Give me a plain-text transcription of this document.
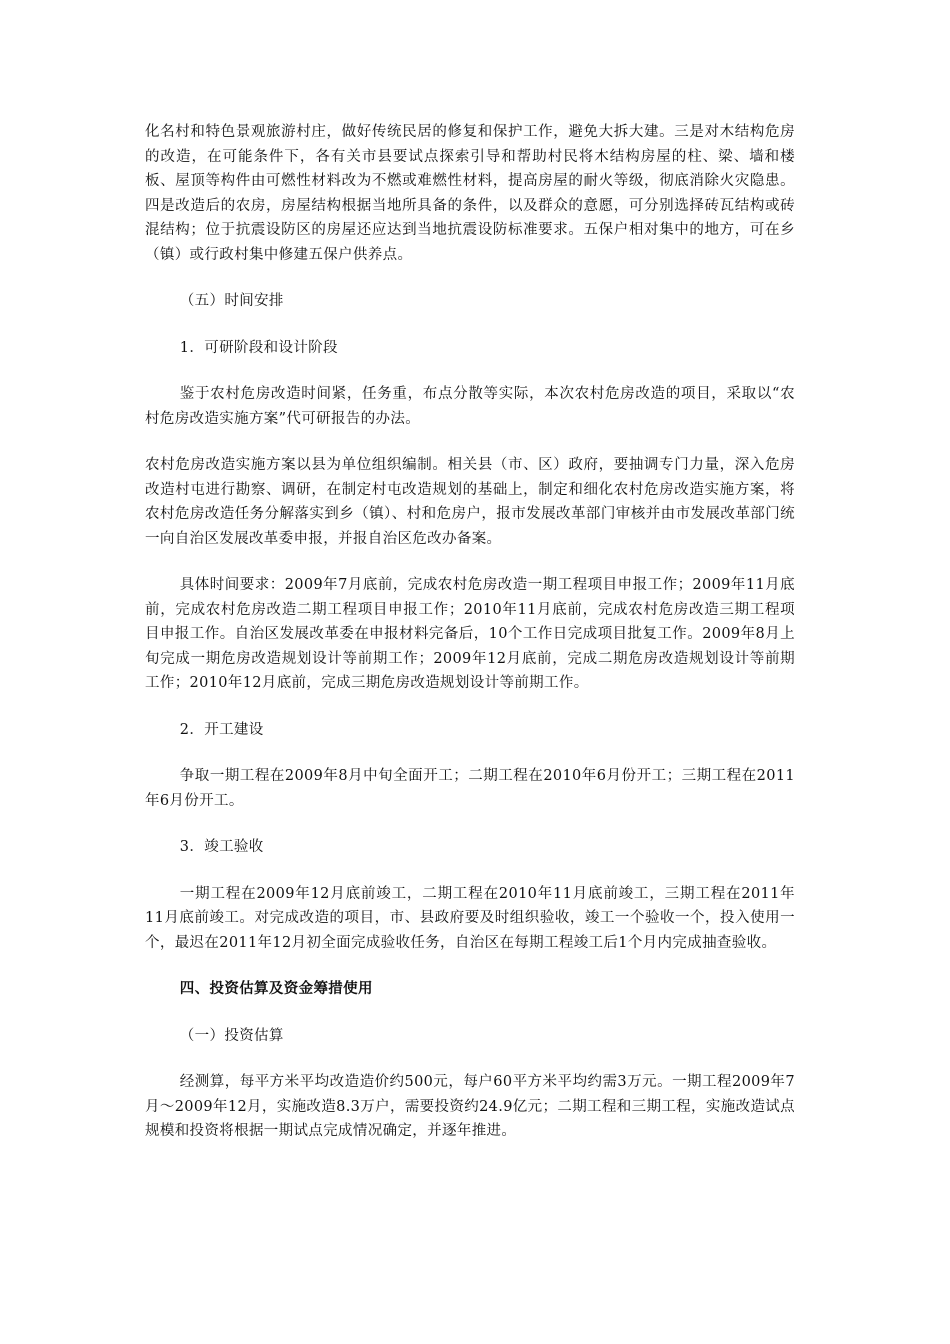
化名村和特色景观旅游村庄，做好传统民居的修复和保护工作，避免大拆大建。三是对木结构危房的改造，在可能条件下，各有关市县要试点探索引导和帮助村民将木结构房屋的柱、梁、墙和楼板、屋顶等构件由可燃性材料改为不燃或难燃性材料，提高房屋的耐火等级，彻底消除火灾隐患。四是改造后的农房，房屋结构根据当地所具备的条件，以及群众的意愿，可分别选择砖瓦结构或砖混结构；位于抗震设防区的房屋还应达到当地抗震设防标准要求。五保户相对集中的地方，可在乡（镇）或行政村集中修建五保户供养点。

（五）时间安排

1．可研阶段和设计阶段

鉴于农村危房改造时间紧，任务重，布点分散等实际，本次农村危房改造的项目，采取以“农村危房改造实施方案”代可研报告的办法。

农村危房改造实施方案以县为单位组织编制。相关县（市、区）政府，要抽调专门力量，深入危房改造村屯进行勘察、调研，在制定村屯改造规划的基础上，制定和细化农村危房改造实施方案，将农村危房改造任务分解落实到乡（镇）、村和危房户，报市发展改革部门审核并由市发展改革部门统一向自治区发展改革委申报，并报自治区危改办备案。

具体时间要求：2009年7月底前，完成农村危房改造一期工程项目申报工作；2009年11月底前，完成农村危房改造二期工程项目申报工作；2010年11月底前，完成农村危房改造三期工程项目申报工作。自治区发展改革委在申报材料完备后，10个工作日完成项目批复工作。2009年8月上旬完成一期危房改造规划设计等前期工作；2009年12月底前，完成二期危房改造规划设计等前期工作；2010年12月底前，完成三期危房改造规划设计等前期工作。

2．开工建设

争取一期工程在2009年8月中旬全面开工；二期工程在2010年6月份开工；三期工程在2011年6月份开工。

3．竣工验收

一期工程在2009年12月底前竣工，二期工程在2010年11月底前竣工，三期工程在2011年11月底前竣工。对完成改造的项目，市、县政府要及时组织验收，竣工一个验收一个，投入使用一个，最迟在2011年12月初全面完成验收任务，自治区在每期工程竣工后1个月内完成抽查验收。

四、投资估算及资金筹措使用

（一）投资估算

经测算，每平方米平均改造造价约500元，每户60平方米平均约需3万元。一期工程2009年7月～2009年12月，实施改造8.3万户，需要投资约24.9亿元；二期工程和三期工程，实施改造试点规模和投资将根据一期试点完成情况确定，并逐年推进。
